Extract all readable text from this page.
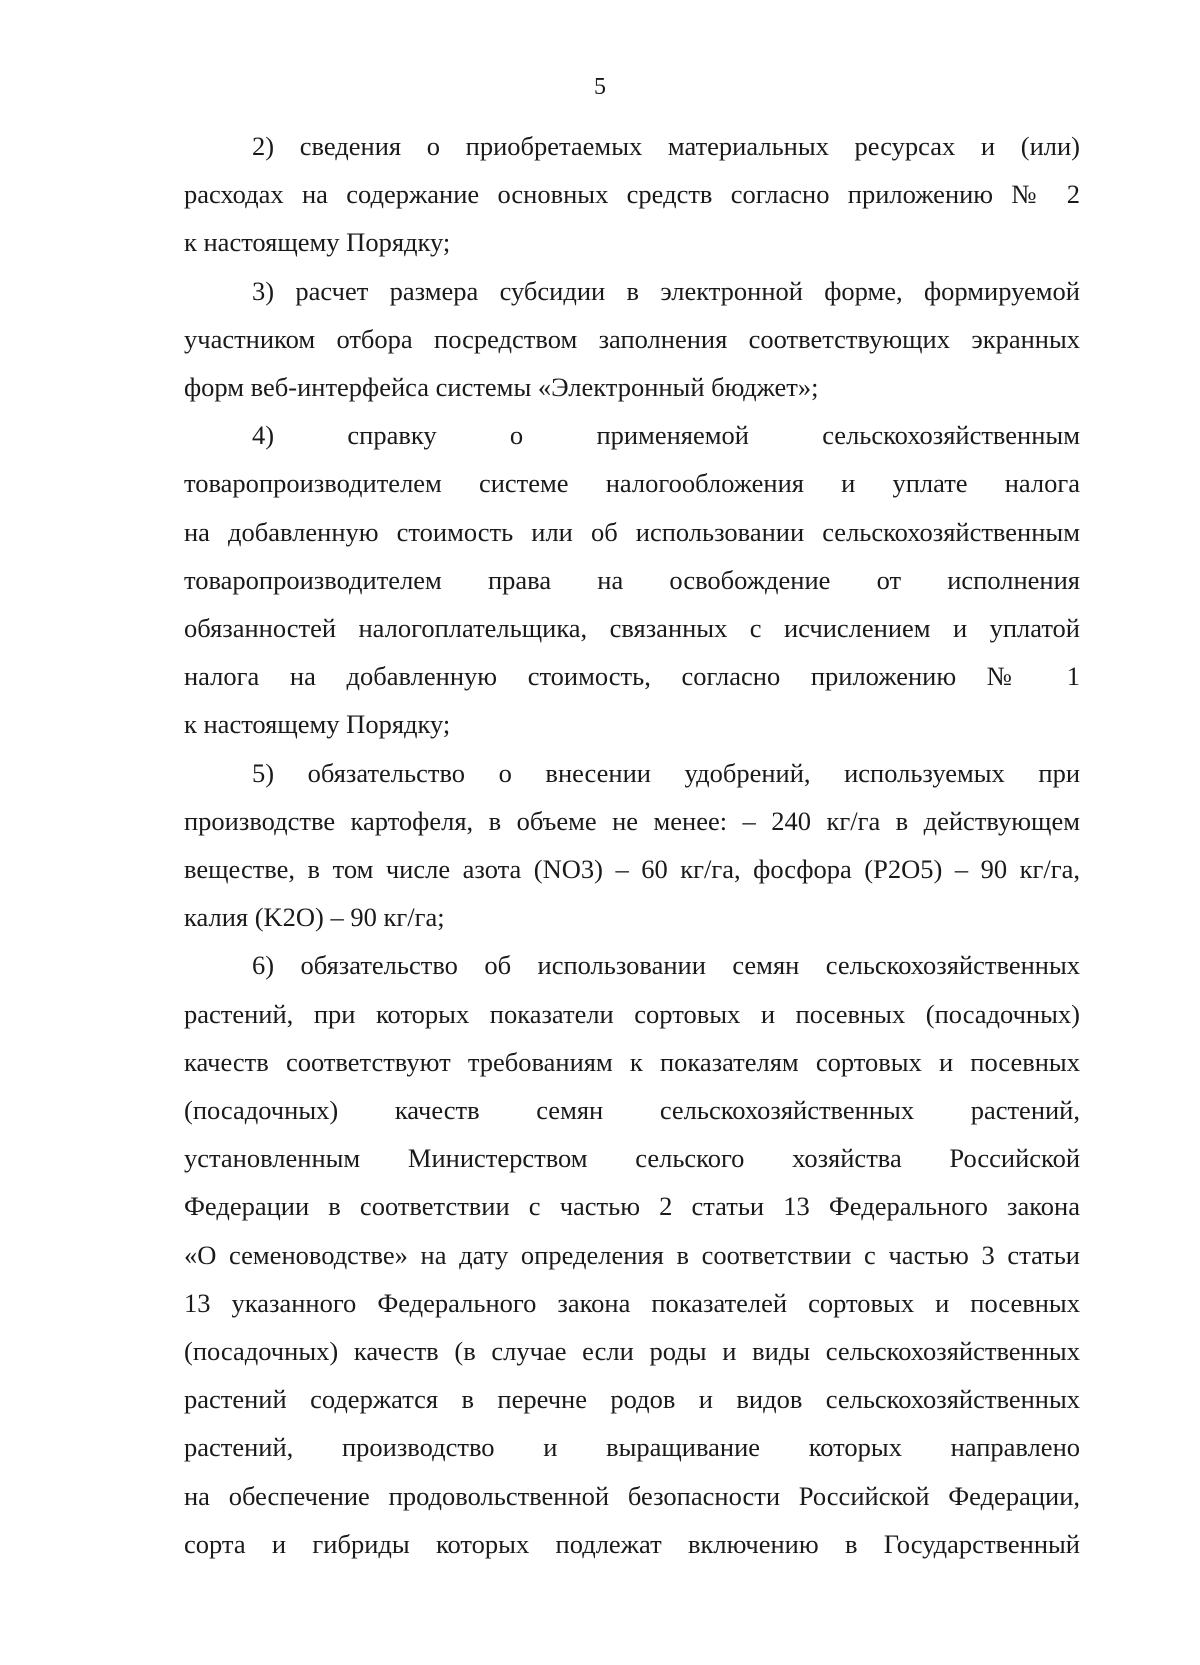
5

2) сведения о приобретаемых материальных ресурсах и (или)
расходах на содержание основных средств согласно приложению № 2
к настоящему Порядку;

3) расчет размера субсидии в электронной форме, формируемой
участником отбора посредством заполнения соответствующих экранных
форм веб-интерфейса системы «Электронный бюджет»;

4) справку о применяемой сельскохозяйственным
товаропроизводителем системе налогообложения и уплате налога
на добавленную стоимость или об использовании сельскохозяйственным
товаропроизводителем права на освобождение от исполнения
обязанностей налогоплательщика, связанных с исчислением и уплатой
налога на добавленную стоимость, согласно приложению № 1
к настоящему Порядку;

5) обязательство о внесении удобрений, используемых при
производстве картофеля, в объеме не менее: – 240 кг/га в действующем
веществе, в том числе азота (NO3) – 60 кг/га, фосфора (P2O5) – 90 кг/га,
калия (K2O) – 90 кг/га;

6) обязательство об использовании семян сельскохозяйственных
растений, при которых показатели сортовых и посевных (посадочных)
качеств соответствуют требованиям к показателям сортовых и посевных
(посадочных) качеств семян сельскохозяйственных растений,
установленным Министерством сельского хозяйства Российской
Федерации в соответствии с частью 2 статьи 13 Федерального закона
«О семеноводстве» на дату определения в соответствии с частью 3 статьи
13 указанного Федерального закона показателей сортовых и посевных
(посадочных) качеств (в случае если роды и виды сельскохозяйственных
растений содержатся в перечне родов и видов сельскохозяйственных
растений, производство и выращивание которых направлено
на обеспечение продовольственной безопасности Российской Федерации,
сорта и гибриды которых подлежат включению в Государственный
